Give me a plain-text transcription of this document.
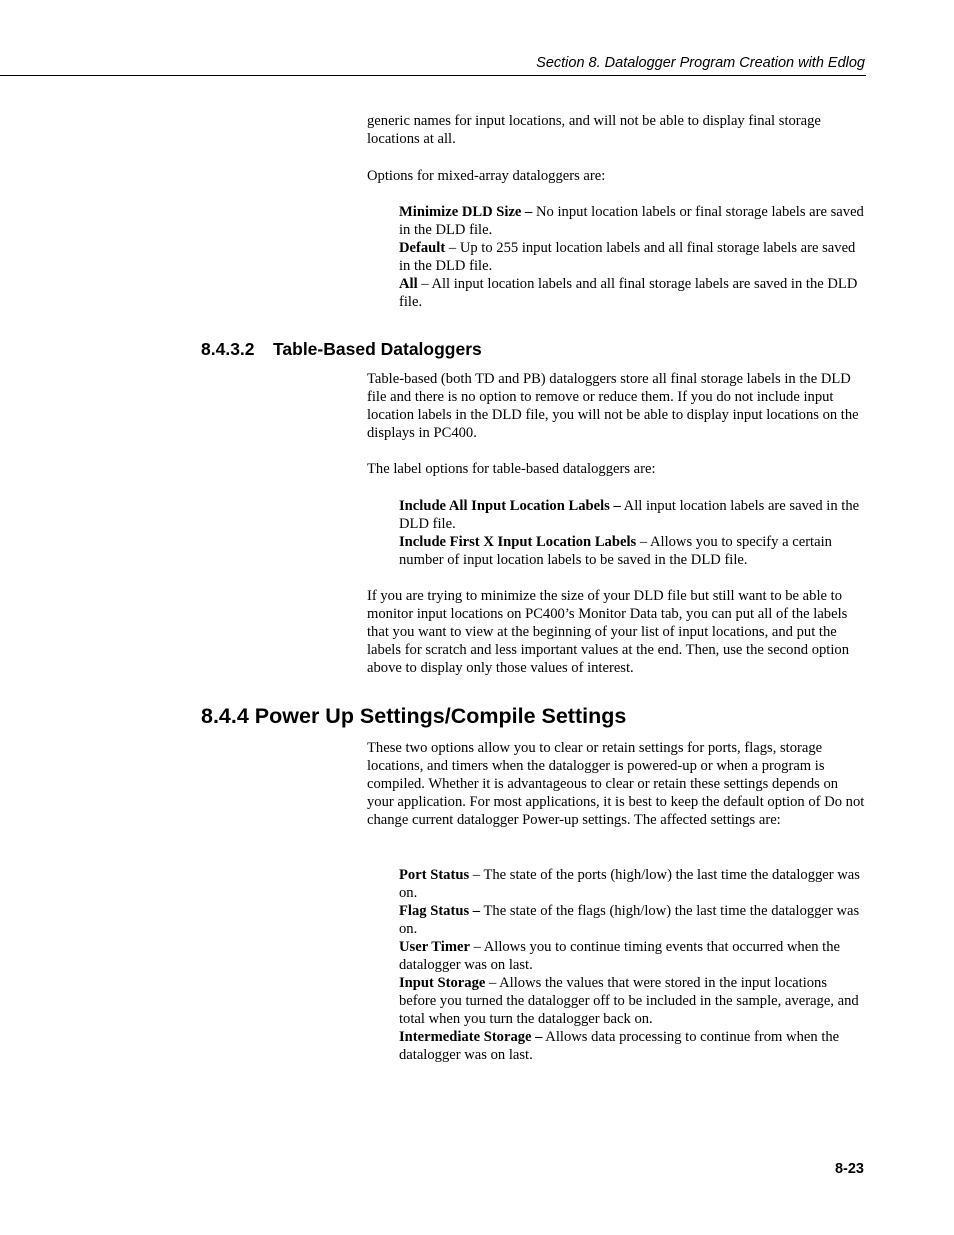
Section 8. Datalogger Program Creation with Edlog

generic names for input locations, and will not be able to display final storage locations at all.

Options for mixed-array dataloggers are:

Minimize DLD Size – No input location labels or final storage labels are saved in the DLD file.

Default – Up to 255 input location labels and all final storage labels are saved in the DLD file.

All – All input location labels and all final storage labels are saved in the DLD file.

8.4.3.2 Table-Based Dataloggers

Table-based (both TD and PB) dataloggers store all final storage labels in the DLD file and there is no option to remove or reduce them. If you do not include input location labels in the DLD file, you will not be able to display input locations on the displays in PC400.

The label options for table-based dataloggers are:

Include All Input Location Labels – All input location labels are saved in the DLD file.

Include First X Input Location Labels – Allows you to specify a certain number of input location labels to be saved in the DLD file.

If you are trying to minimize the size of your DLD file but still want to be able to monitor input locations on PC400’s Monitor Data tab, you can put all of the labels that you want to view at the beginning of your list of input locations, and put the labels for scratch and less important values at the end. Then, use the second option above to display only those values of interest.

8.4.4 Power Up Settings/Compile Settings

These two options allow you to clear or retain settings for ports, flags, storage locations, and timers when the datalogger is powered-up or when a program is compiled. Whether it is advantageous to clear or retain these settings depends on your application. For most applications, it is best to keep the default option of Do not change current datalogger Power-up settings. The affected settings are:

Port Status – The state of the ports (high/low) the last time the datalogger was on.

Flag Status – The state of the flags (high/low) the last time the datalogger was on.

User Timer – Allows you to continue timing events that occurred when the datalogger was on last.

Input Storage – Allows the values that were stored in the input locations before you turned the datalogger off to be included in the sample, average, and total when you turn the datalogger back on.

Intermediate Storage – Allows data processing to continue from when the datalogger was on last.

8-23
